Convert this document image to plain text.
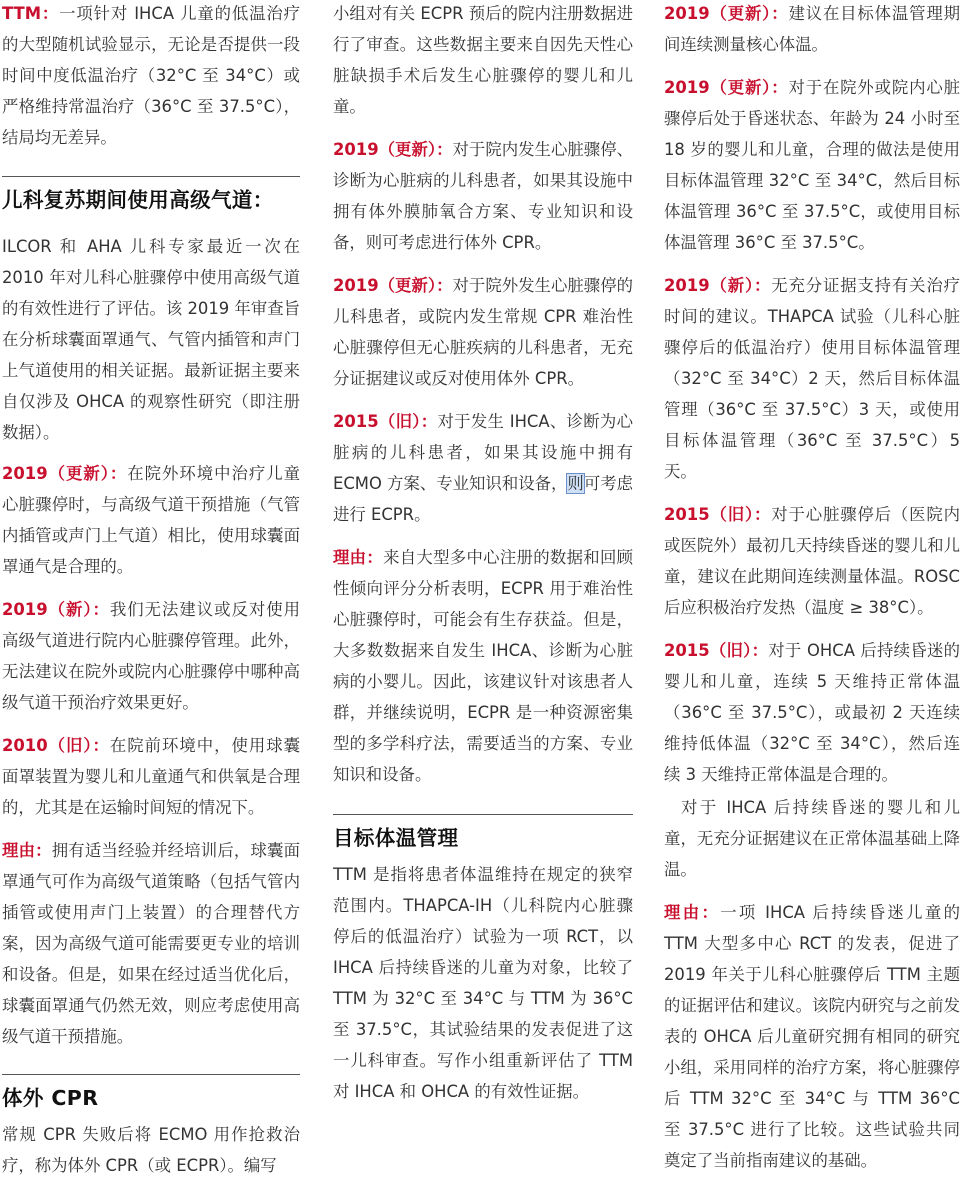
TTM：一项针对 IHCA 儿童的低温治疗的大型随机试验显示，无论是否提供一段时间中度低温治疗（32°C 至 34°C）或严格维持常温治疗（36°C 至 37.5°C），结局均无差异。

儿科复苏期间使用高级气道：

ILCOR 和 AHA 儿科专家最近一次在 2010 年对儿科心脏骤停中使用高级气道的有效性进行了评估。该 2019 年审查旨在分析球囊面罩通气、气管内插管和声门上气道使用的相关证据。最新证据主要来自仅涉及 OHCA 的观察性研究（即注册数据）。

2019（更新）：在院外环境中治疗儿童心脏骤停时，与高级气道干预措施（气管内插管或声门上气道）相比，使用球囊面罩通气是合理的。

2019（新）：我们无法建议或反对使用高级气道进行院内心脏骤停管理。此外，无法建议在院外或院内心脏骤停中哪种高级气道干预治疗效果更好。

2010（旧）：在院前环境中，使用球囊面罩装置为婴儿和儿童通气和供氧是合理的，尤其是在运输时间短的情况下。

理由：拥有适当经验并经培训后，球囊面罩通气可作为高级气道策略（包括气管内插管或使用声门上装置）的合理替代方案，因为高级气道可能需要更专业的培训和设备。但是，如果在经过适当优化后，球囊面罩通气仍然无效，则应考虑使用高级气道干预措施。

体外 CPR

常规 CPR 失败后将 ECMO 用作抢救治疗，称为体外 CPR（或 ECPR）。编写

小组对有关 ECPR 预后的院内注册数据进行了审查。这些数据主要来自因先天性心脏缺损手术后发生心脏骤停的婴儿和儿童。

2019（更新）：对于院内发生心脏骤停、诊断为心脏病的儿科患者，如果其设施中拥有体外膜肺氧合方案、专业知识和设备，则可考虑进行体外 CPR。

2019（更新）：对于院外发生心脏骤停的儿科患者，或院内发生常规 CPR 难治性心脏骤停但无心脏疾病的儿科患者，无充分证据建议或反对使用体外 CPR。

2015（旧）：对于发生 IHCA、诊断为心脏病的儿科患者，如果其设施中拥有 ECMO 方案、专业知识和设备，则可考虑进行 ECPR。

理由：来自大型多中心注册的数据和回顾性倾向评分分析表明，ECPR 用于难治性心脏骤停时，可能会有生存获益。但是，大多数数据来自发生 IHCA、诊断为心脏病的小婴儿。因此，该建议针对该患者人群，并继续说明，ECPR 是一种资源密集型的多学科疗法，需要适当的方案、专业知识和设备。

目标体温管理

TTM 是指将患者体温维持在规定的狭窄范围内。THAPCA-IH（儿科院内心脏骤停后的低温治疗）试验为一项 RCT，以 IHCA 后持续昏迷的儿童为对象，比较了 TTM 为 32°C 至 34°C 与 TTM 为 36°C 至 37.5°C，其试验结果的发表促进了这一儿科审查。写作小组重新评估了 TTM 对 IHCA 和 OHCA 的有效性证据。

2019（更新）：建议在目标体温管理期间连续测量核心体温。

2019（更新）：对于在院外或院内心脏骤停后处于昏迷状态、年龄为 24 小时至 18 岁的婴儿和儿童，合理的做法是使用目标体温管理 32°C 至 34°C，然后目标体温管理 36°C 至 37.5°C，或使用目标体温管理 36°C 至 37.5°C。

2019（新）：无充分证据支持有关治疗时间的建议。THAPCA 试验（儿科心脏骤停后的低温治疗）使用目标体温管理（32°C 至 34°C）2 天，然后目标体温管理（36°C 至 37.5°C）3 天，或使用目标体温管理（36°C 至 37.5°C）5 天。

2015（旧）：对于心脏骤停后（医院内或医院外）最初几天持续昏迷的婴儿和儿童，建议在此期间连续测量体温。ROSC 后应积极治疗发热（温度 ≥ 38°C）。

2015（旧）：对于 OHCA 后持续昏迷的婴儿和儿童，连续 5 天维持正常体温（36°C 至 37.5°C），或最初 2 天连续维持低体温（32°C 至 34°C），然后连续 3 天维持正常体温是合理的。

对于 IHCA 后持续昏迷的婴儿和儿童，无充分证据建议在正常体温基础上降温。

理由：一项 IHCA 后持续昏迷儿童的 TTM 大型多中心 RCT 的发表，促进了 2019 年关于儿科心脏骤停后 TTM 主题的证据评估和建议。该院内研究与之前发表的 OHCA 后儿童研究拥有相同的研究小组，采用同样的治疗方案，将心脏骤停后 TTM 32°C 至 34°C 与 TTM 36°C 至 37.5°C 进行了比较。这些试验共同奠定了当前指南建议的基础。
